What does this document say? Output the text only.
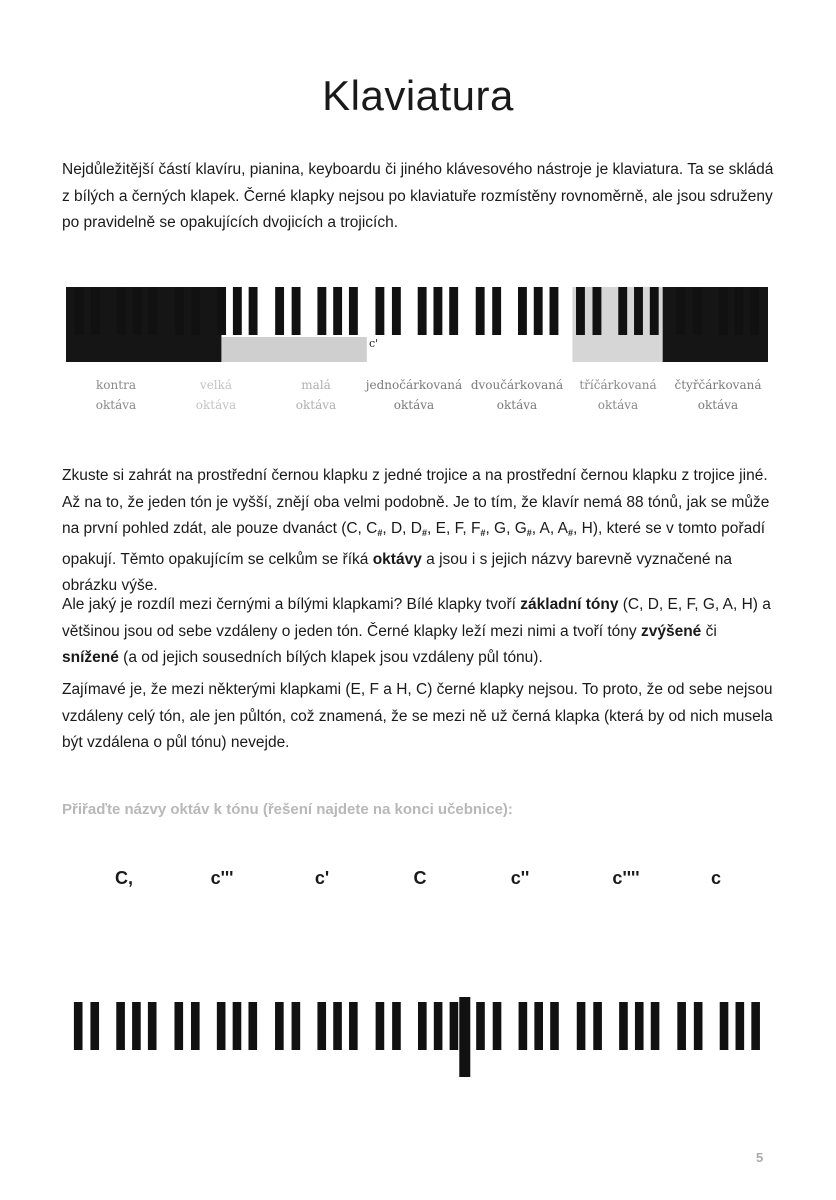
Klaviatura

Nejdůležitější částí klavíru, pianina, keyboardu či jiného klávesového nástroje je klaviatura. Ta se skládá z bílých a černých klapek. Černé klapky nejsou po klaviatuře rozmístěny rovnoměrně, ale jsou sdruženy po pravidelně se opakujících dvojicích a trojicích.

c'
kontra
oktáva
velká
oktáva
malá
oktáva
jednočárkovaná
oktáva
dvoučárkovaná
oktáva
tříčárkovaná
oktáva
čtyřčárkovaná
oktáva

Zkuste si zahrát na prostřední černou klapku z jedné trojice a na prostřední černou klapku z trojice jiné. Až na to, že jeden tón je vyšší, znějí oba velmi podobně. Je to tím, že klavír nemá 88 tónů, jak se může na první pohled zdát, ale pouze dvanáct (C, $C_{\#}$, D, $D_{\#}$, E, F, $F_{\#}$, G, $G_{\#}$, A, $A_{\#}$, H), které se v tomto pořadí opakují. Těmto opakujícím se celkům se říká oktávy a jsou i s jejich názvy barevně vyznačené na obrázku výše.

Ale jaký je rozdíl mezi černými a bílými klapkami? Bílé klapky tvoří základní tóny (C, D, E, F, G, A, H) a většinou jsou od sebe vzdáleny o jeden tón. Černé klapky leží mezi nimi a tvoří tóny zvýšené či snížené (a od jejich sousedních bílých klapek jsou vzdáleny půl tónu).

Zajímavé je, že mezi některými klapkami (E, F a H, C) černé klapky nejsou. To proto, že od sebe nejsou vzdáleny celý tón, ale jen půltón, což znamená, že se mezi ně už černá klapka (která by od nich musela být vzdálena o půl tónu) nevejde.

Přiřaďte názvy oktáv k tónu (řešení najdete na konci učebnice):
C,	c'''	c'	C	c''	c''''	c
5
